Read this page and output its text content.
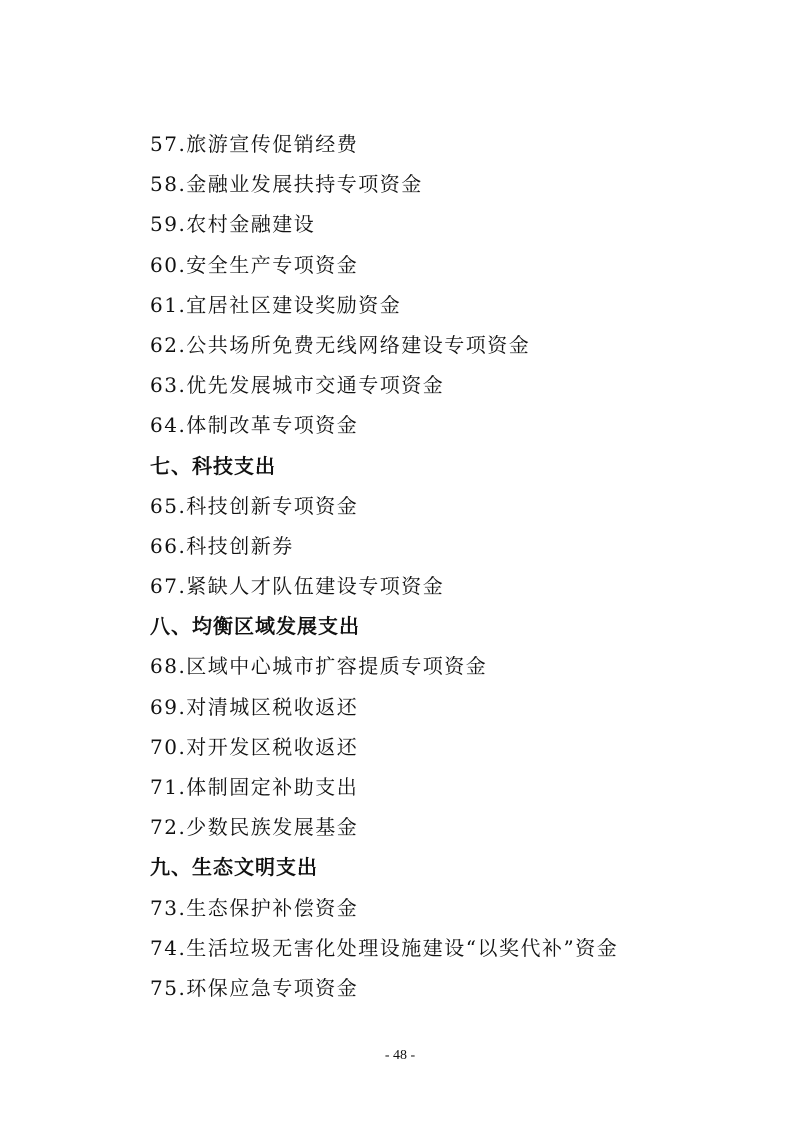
57.旅游宣传促销经费
58.金融业发展扶持专项资金
59.农村金融建设
60.安全生产专项资金
61.宜居社区建设奖励资金
62.公共场所免费无线网络建设专项资金
63.优先发展城市交通专项资金
64.体制改革专项资金
七、科技支出
65.科技创新专项资金
66.科技创新券
67.紧缺人才队伍建设专项资金
八、均衡区域发展支出
68.区域中心城市扩容提质专项资金
69.对清城区税收返还
70.对开发区税收返还
71.体制固定补助支出
72.少数民族发展基金
九、生态文明支出
73.生态保护补偿资金
74.生活垃圾无害化处理设施建设“以奖代补”资金
75.环保应急专项资金
- 48 -
